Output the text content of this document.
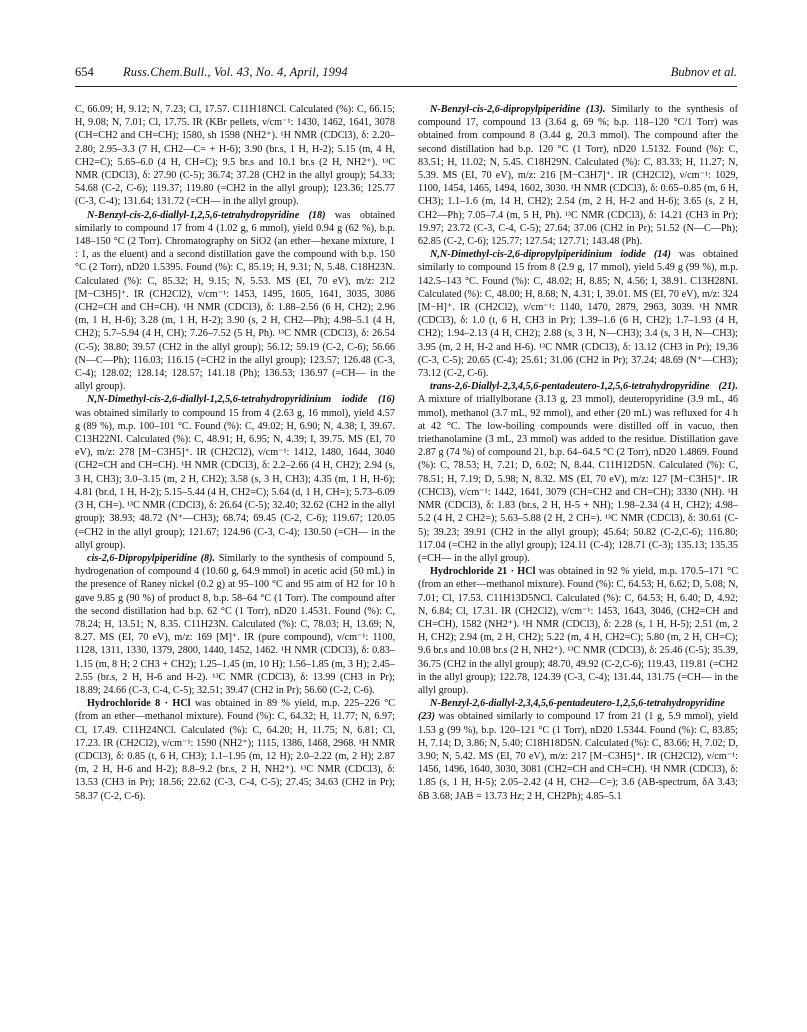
654 Russ.Chem.Bull., Vol. 43, No. 4, April, 1994	Bubnov et al.

C, 66.09; H, 9.12; N, 7.23; Cl, 17.57. C11H18NCl. Calculated (%): C, 66.15; H, 9.08; N, 7.01; Cl, 17.75. IR (KBr pellets, ν/cm⁻¹: 1430, 1462, 1641, 3078 (CH=CH2 and CH=CH); 1580, sh 1598 (NH2⁺). ¹H NMR (CDCl3), δ: 2.20–2.80; 2.95–3.3 (7 H, CH2—C= + H-6); 3.90 (br.s, 1 H, H-2); 5.15 (m, 4 H, CH2=C); 5.65–6.0 (4 H, CH=C); 9.5 br.s and 10.1 br.s (2 H, NH2⁺). ¹³C NMR (CDCl3), δ: 27.90 (C-5); 36.74; 37.28 (CH2 in the allyl group); 54.33; 54.68 (C-2, C-6); 119.37; 119.80 (=CH2 in the allyl group); 123.36; 125.77 (C-3, C-4); 131.64; 131.72 (=CH— in the allyl group).

N-Benzyl-cis-2,6-diallyl-1,2,5,6-tetrahydropyridine (18) was obtained similarly to compound 17 from 4 (1.02 g, 6 mmol), yield 0.94 g (62 %), b.p. 148–150 °C (2 Torr). Chromatography on SiO2 (an ether—hexane mixture, 1 : 1, as the eluent) and a second distillation gave the compound with b.p. 150 °C (2 Torr), nD20 1.5395. Found (%): C, 85.19; H, 9.31; N, 5.48. C18H23N. Calculated (%): C, 85.32; H, 9.15; N, 5.53. MS (EI, 70 eV), m/z: 212 [M−C3H5]⁺. IR (CH2Cl2), ν/cm⁻¹: 1453, 1495, 1605, 1641, 3035, 3086 (CH2=CH and CH=CH). ¹H NMR (CDCl3), δ: 1.88–2.56 (6 H, CH2); 2.96 (m, 1 H, H-6); 3.28 (m, 1 H, H-2); 3.90 (s, 2 H, CH2—Ph); 4.98–5.1 (4 H, CH2); 5.7–5.94 (4 H, CH); 7.26–7.52 (5 H, Ph). ¹³C NMR (CDCl3), δ: 26.54 (C-5); 38.80; 39.57 (CH2 in the allyl group); 56.12; 59.19 (C-2, C-6); 56.66 (N—C—Ph); 116.03; 116.15 (=CH2 in the allyl group); 123.57; 126.48 (C-3, C-4); 128.02; 128.14; 128.57; 141.18 (Ph); 136.53; 136.97 (=CH— in the allyl group).

N,N-Dimethyl-cis-2,6-diallyl-1,2,5,6-tetrahydropyridinium iodide (16) was obtained similarly to compound 15 from 4 (2.63 g, 16 mmol), yield 4.57 g (89 %), m.p. 100–101 °C. Found (%): C, 49.02; H, 6.90; N, 4.38; I, 39.67. C13H22NI. Calculated (%): C, 48.91; H, 6.95; N, 4.39; I, 39.75. MS (EI, 70 eV), m/z: 278 [M−C3H5]⁺. IR (CH2Cl2), ν/cm⁻¹: 1412, 1480, 1644, 3040 (CH2=CH and CH=CH). ¹H NMR (CDCl3), δ: 2.2–2.66 (4 H, CH2); 2.94 (s, 3 H, CH3); 3.0–3.15 (m, 2 H, CH2); 3.58 (s, 3 H, CH3); 4.35 (m, 1 H, H-6); 4.81 (br.d, 1 H, H-2); 5.15–5.44 (4 H, CH2=C); 5.64 (d, 1 H, CH=); 5.73–6.09 (3 H, CH=). ¹³C NMR (CDCl3), δ: 26.64 (C-5); 32.40; 32.62 (CH2 in the allyl group); 38.93; 48.72 (N⁺—CH3); 68.74; 69.45 (C-2, C-6); 119.67; 120.05 (=CH2 in the allyl group); 121.67; 124.96 (C-3, C-4); 130.50 (=CH— in the allyl group).

cis-2,6-Dipropylpiperidine (8). Similarly to the synthesis of compound 5, hydrogenation of compound 4 (10.60 g, 64.9 mmol) in acetic acid (50 mL) in the presence of Raney nickel (0.2 g) at 95–100 °C and 95 atm of H2 for 10 h gave 9.85 g (90 %) of product 8, b.p. 58–64 °C (1 Torr). The compound after the second distillation had b.p. 62 °C (1 Torr), nD20 1.4531. Found (%): C, 78.24; H, 13.51; N, 8.35. C11H23N. Calculated (%): C, 78.03; H, 13.69; N, 8.27. MS (EI, 70 eV), m/z: 169 [M]⁺. IR (pure compound), ν/cm⁻¹: 1100, 1128, 1311, 1330, 1379, 2800, 1440, 1452, 1462. ¹H NMR (CDCl3), δ: 0.83–1.15 (m, 8 H; 2 CH3 + CH2); 1.25–1.45 (m, 10 H); 1.56–1.85 (m, 3 H); 2.45–2.55 (br.s, 2 H, H-6 and H-2). ¹³C NMR (CDCl3), δ: 13.99 (CH3 in Pr); 18.89; 24.66 (C-3, C-4, C-5); 32.51; 39.47 (CH2 in Pr); 56.60 (C-2, C-6).

Hydrochloride 8 · HCl was obtained in 89 % yield, m.p. 225–226 °C (from an ether—methanol mixture). Found (%): C, 64.32; H, 11.77; N, 6.97; Cl, 17.49. C11H24NCl. Calculated (%): C, 64.20; H, 11.75; N, 6.81; Cl, 17.23. IR (CH2Cl2), ν/cm⁻¹: 1590 (NH2⁺); 1115, 1386, 1468, 2968. ¹H NMR (CDCl3), δ: 0.85 (t, 6 H, CH3); 1.1–1.95 (m, 12 H); 2.0–2.22 (m, 2 H); 2.87 (m, 2 H, H-6 and H-2); 8.8–9.2 (br.s, 2 H, NH2⁺). ¹³C NMR (CDCl3), δ: 13.53 (CH3 in Pr); 18.56; 22.62 (C-3, C-4, C-5); 27.45; 34.63 (CH2 in Pr); 58.37 (C-2, C-6).

N-Benzyl-cis-2,6-dipropylpiperidine (13). Similarly to the synthesis of compound 17, compound 13 (3.64 g, 69 %; b.p. 118–120 °C/1 Torr) was obtained from compound 8 (3.44 g, 20.3 mmol). The compound after the second distillation had b.p. 120 °C (1 Torr), nD20 1.5132. Found (%): C, 83.51; H, 11.02; N, 5.45. C18H29N. Calculated (%): C, 83.33; H, 11.27; N, 5.39. MS (EI, 70 eV), m/z: 216 [M−C3H7]⁺. IR (CH2Cl2), ν/cm⁻¹: 1029, 1100, 1454, 1465, 1494, 1602, 3030. ¹H NMR (CDCl3), δ: 0.65–0.85 (m, 6 H, CH3); 1.1–1.6 (m, 14 H, CH2); 2.54 (m, 2 H, H-2 and H-6); 3.65 (s, 2 H, CH2—Ph); 7.05–7.4 (m, 5 H, Ph). ¹³C NMR (CDCl3), δ: 14.21 (CH3 in Pr); 19.97; 23.72 (C-3, C-4, C-5); 27.64; 37.06 (CH2 in Pr); 51.52 (N—C—Ph); 62.85 (C-2, C-6); 125.77; 127.54; 127.71; 143.48 (Ph).

N,N-Dimethyl-cis-2,6-dipropylpiperidinium iodide (14) was obtained similarly to compound 15 from 8 (2.9 g, 17 mmol), yield 5.49 g (99 %), m.p. 142.5–143 °C. Found (%): C, 48.02; H, 8.85; N, 4.56; I, 38.91. C13H28NI. Calculated (%): C, 48.00; H, 8.68; N, 4.31; I, 39.01. MS (EI, 70 eV), m/z: 324 [M−H]⁺. IR (CH2Cl2), ν/cm⁻¹: 1140, 1470, 2879, 2963, 3039. ¹H NMR (CDCl3), δ: 1.0 (t, 6 H, CH3 in Pr); 1.39–1.6 (6 H, CH2); 1.7–1.93 (4 H, CH2); 1.94–2.13 (4 H, CH2); 2.88 (s, 3 H, N—CH3); 3.4 (s, 3 H, N—CH3); 3.95 (m, 2 H, H-2 and H-6). ¹³C NMR (CDCl3), δ: 13.12 (CH3 in Pr); 19.36 (C-3, C-5); 20.65 (C-4); 25.61; 31.06 (CH2 in Pr); 37.24; 48.69 (N⁺—CH3); 73.12 (C-2, C-6).

trans-2,6-Diallyl-2,3,4,5,6-pentadeutero-1,2,5,6-tetrahydropyridine (21). A mixture of triallylborane (3.13 g, 23 mmol), deuteropyridine (3.9 mL, 46 mmol), methanol (3.7 mL, 92 mmol), and ether (20 mL) was refluxed for 4 h at 42 °C. The low-boiling compounds were distilled off in vacuo, then triethanolamine (3 mL, 23 mmol) was added to the residue. Distillation gave 2.87 g (74 %) of compound 21, b.p. 64–64.5 °C (2 Torr), nD20 1.4869. Found (%): C, 78.53; H, 7.21; D, 6.02; N, 8.44. C11H12D5N. Calculated (%): C, 78.51; H, 7.19; D, 5.98; N, 8.32. MS (EI, 70 eV), m/z: 127 [M−C3H5]⁺. IR (CHCl3), ν/cm⁻¹: 1442, 1641, 3079 (CH=CH2 and CH=CH); 3330 (NH). ¹H NMR (CDCl3), δ: 1.83 (br.s, 2 H, H-5 + NH); 1.98–2.34 (4 H, CH2); 4.98–5.2 (4 H, 2 CH2=); 5.63–5.88 (2 H, 2 CH=). ¹³C NMR (CDCl3), δ: 30.61 (C-5); 39.23; 39.91 (CH2 in the allyl group); 45.64; 50.82 (C-2,C-6); 116.80; 117.04 (=CH2 in the allyl group); 124.11 (C-4); 128.71 (C-3); 135.13; 135.35 (=CH— in the allyl group).

Hydrochloride 21 · HCl was obtained in 92 % yield, m.p. 170.5–171 °C (from an ether—methanol mixture). Found (%): C, 64.53; H, 6.62; D, 5.08; N, 7.01; Cl, 17.53. C11H13D5NCl. Calculated (%): C, 64.53; H, 6.40; D, 4.92; N, 6.84; Cl, 17.31. IR (CH2Cl2), ν/cm⁻¹: 1453, 1643, 3046, (CH2=CH and CH=CH), 1582 (NH2⁺). ¹H NMR (CDCl3), δ: 2.28 (s, 1 H, H-5); 2.51 (m, 2 H, CH2); 2.94 (m, 2 H, CH2); 5.22 (m, 4 H, CH2=C); 5.80 (m, 2 H, CH=C); 9.6 br.s and 10.08 br.s (2 H, NH2⁺). ¹³C NMR (CDCl3), δ: 25.46 (C-5); 35.39, 36.75 (CH2 in the allyl group); 48.70, 49.92 (C-2,C-6); 119.43, 119.81 (=CH2 in the allyl group); 122.78, 124.39 (C-3, C-4); 131.44, 131.75 (=CH— in the allyl group).

N-Benzyl-2,6-diallyl-2,3,4,5,6-pentadeutero-1,2,5,6-tetrahydropyridine (23) was obtained similarly to compound 17 from 21 (1 g, 5.9 mmol), yield 1.53 g (99 %), b.p. 120–121 °C (1 Torr), nD20 1.5344. Found (%): C, 83.85; H, 7.14; D, 3.86; N, 5.40; C18H18D5N. Calculated (%): C, 83.66; H, 7.02; D, 3.90; N, 5.42. MS (EI, 70 eV), m/z: 217 [M−C3H5]⁺. IR (CH2Cl2), ν/cm⁻¹: 1456, 1496, 1640, 3030, 3081 (CH2=CH and CH=CH). ¹H NMR (CDCl3), δ: 1.85 (s, 1 H, H-5); 2.05–2.42 (4 H, CH2—C=); 3.6 (AB-spectrum, δA 3.43; δB 3.68; JAB = 13.73 Hz; 2 H, CH2Ph); 4.85–5.1
